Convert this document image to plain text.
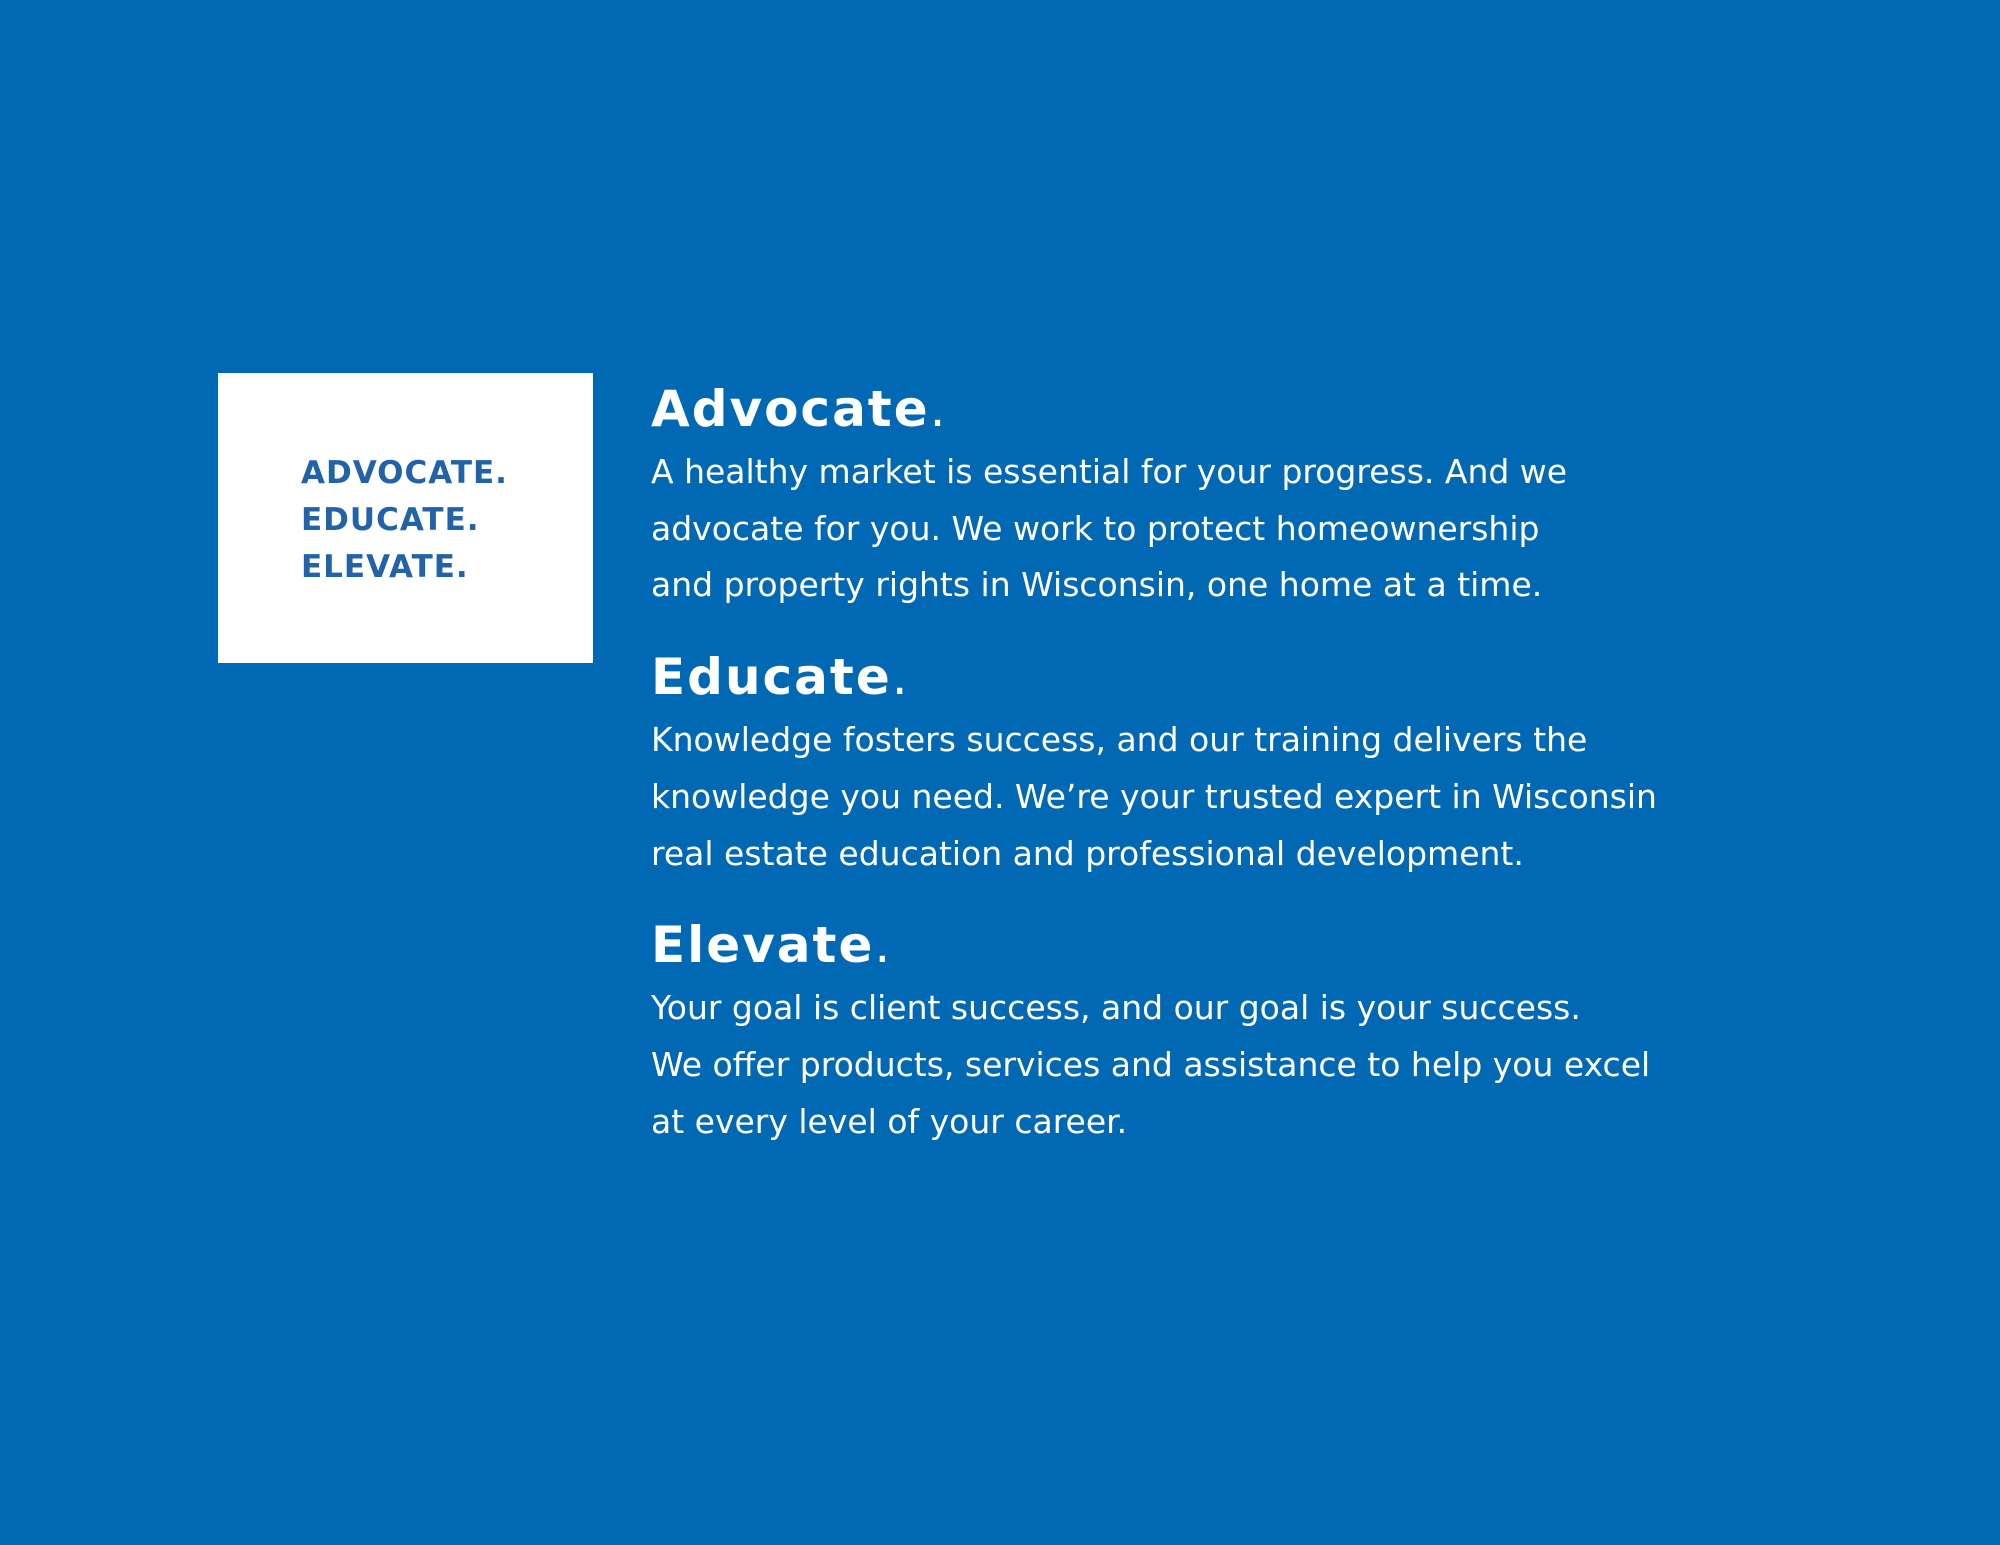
ADVOCATE.
EDUCATE.
ELEVATE.
Advocate.
A healthy market is essential for your progress. And we
advocate for you. We work to protect homeownership
and property rights in Wisconsin, one home at a time.
Educate.
Knowledge fosters success, and our training delivers the
knowledge you need. We’re your trusted expert in Wisconsin
real estate education and professional development.
Elevate.
Your goal is client success, and our goal is your success.
We offer products, services and assistance to help you excel
at every level of your career.
